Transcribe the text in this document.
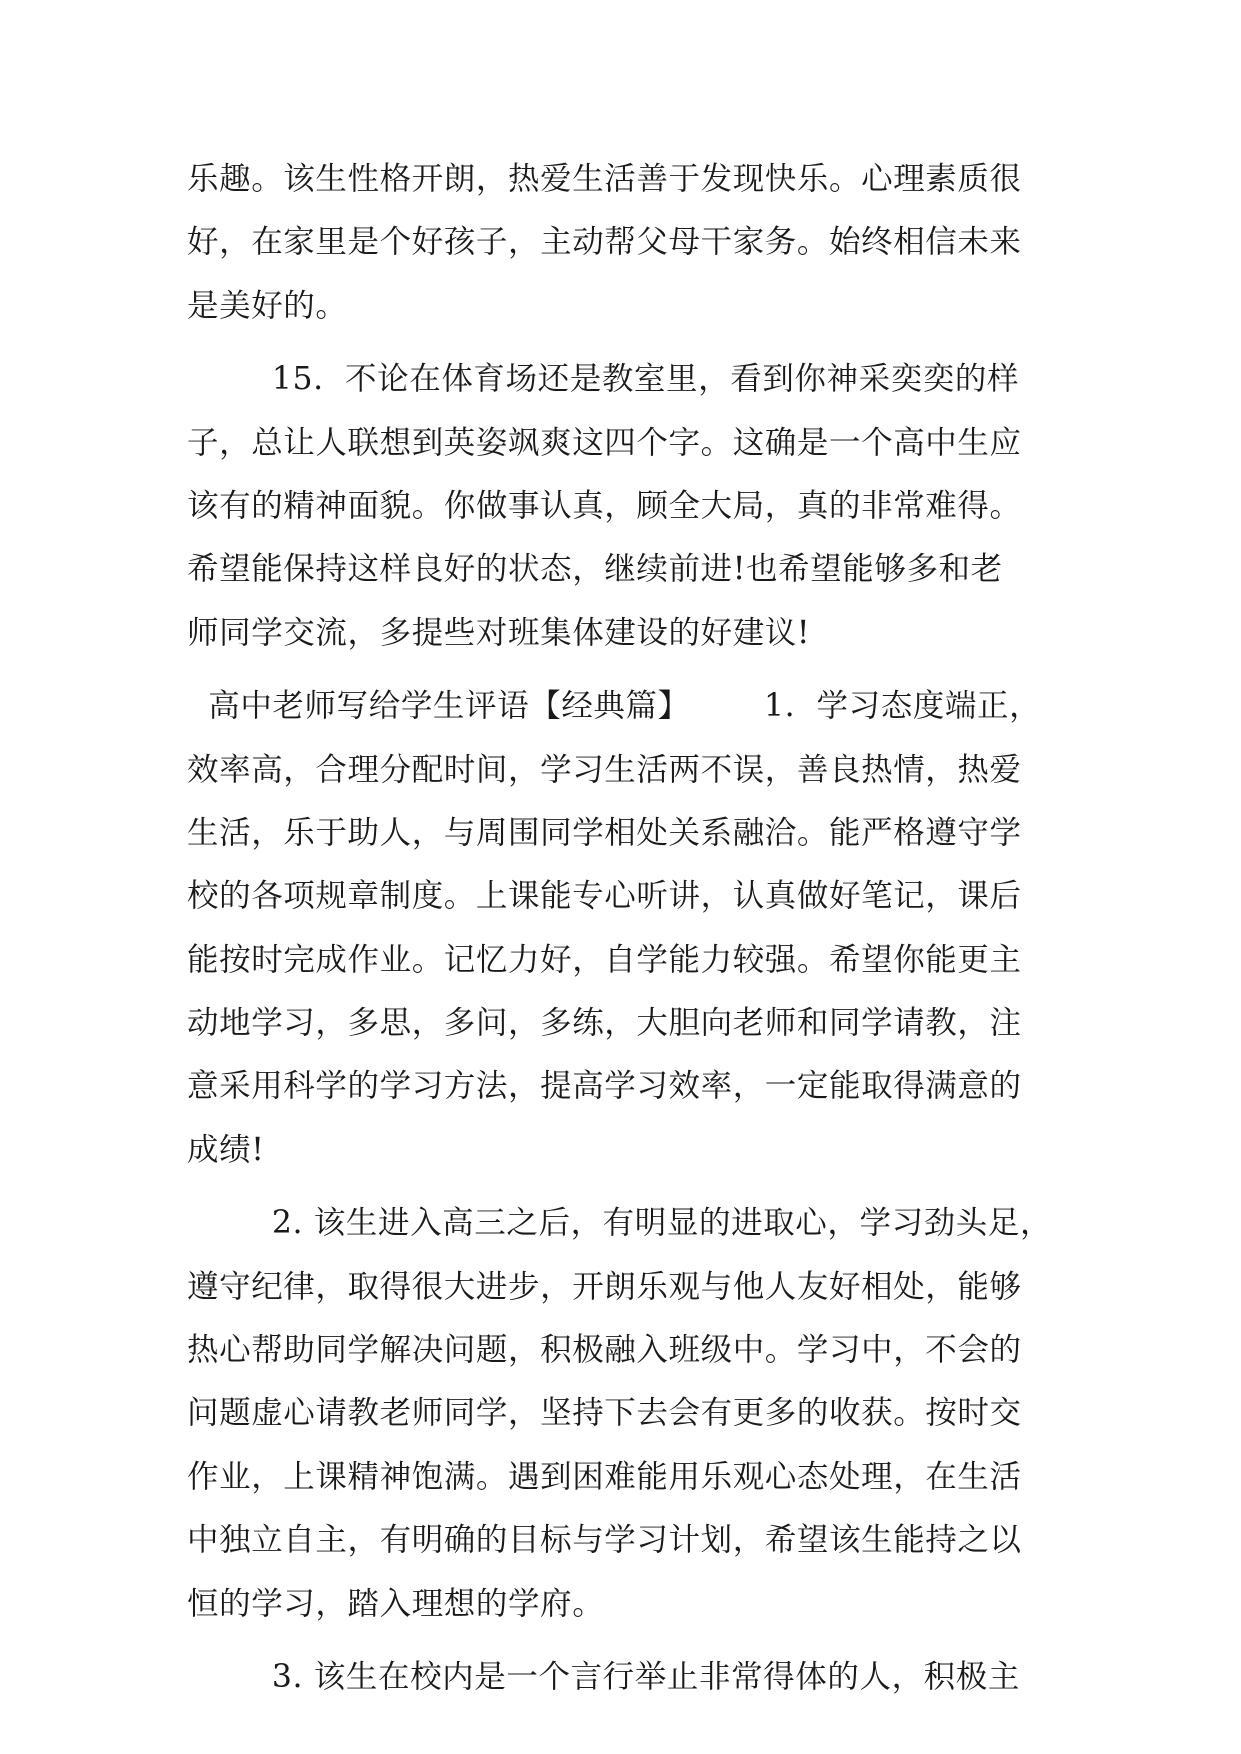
乐趣。该生性格开朗，热爱生活善于发现快乐。心理素质很
好，在家里是个好孩子，主动帮父母干家务。始终相信未来
是美好的。
15.  不论在体育场还是教室里，看到你神采奕奕的样
子，总让人联想到英姿飒爽这四个字。这确是一个高中生应
该有的精神面貌。你做事认真，顾全大局，真的非常难得。
希望能保持这样良好的状态，继续前进!也希望能够多和老
师同学交流，多提些对班集体建设的好建议!
高中老师写给学生评语【经典篇】       1.  学习态度端正，
效率高，合理分配时间，学习生活两不误，善良热情，热爱
生活，乐于助人，与周围同学相处关系融洽。能严格遵守学
校的各项规章制度。上课能专心听讲，认真做好笔记，课后
能按时完成作业。记忆力好，自学能力较强。希望你能更主
动地学习，多思，多问，多练，大胆向老师和同学请教，注
意采用科学的学习方法，提高学习效率，一定能取得满意的
成绩!
2. 该生进入高三之后，有明显的进取心，学习劲头足，
遵守纪律，取得很大进步，开朗乐观与他人友好相处，能够
热心帮助同学解决问题，积极融入班级中。学习中，不会的
问题虚心请教老师同学，坚持下去会有更多的收获。按时交
作业，上课精神饱满。遇到困难能用乐观心态处理，在生活
中独立自主，有明确的目标与学习计划，希望该生能持之以
恒的学习，踏入理想的学府。
3. 该生在校内是一个言行举止非常得体的人，积极主
